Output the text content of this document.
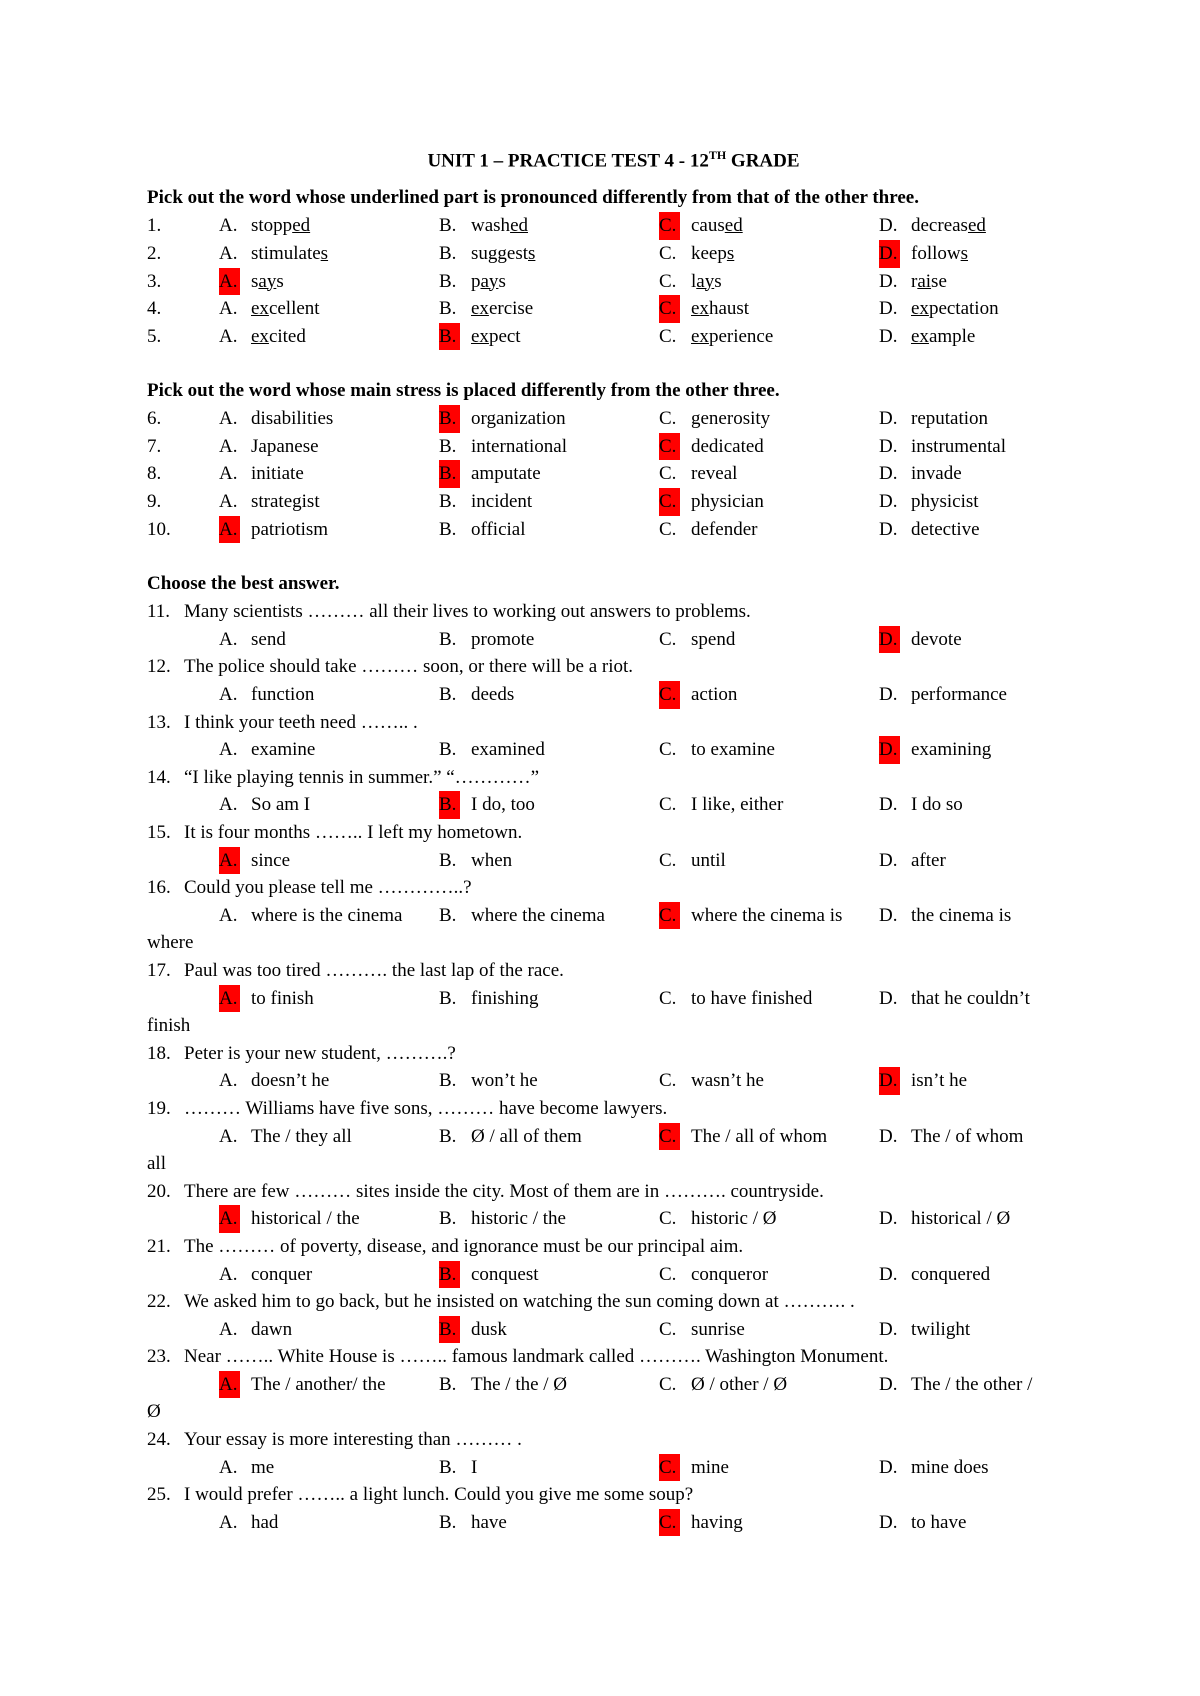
UNIT 1 – PRACTICE TEST 4 - 12TH GRADE
Pick out the word whose underlined part is pronounced differently from that of the other three.
1.	A. stopped	B. washed	C. caused	D. decreased
2.	A. stimulates	B. suggests	C. keeps	D. follows
3.	A. says	B. pays	C. lays	D. raise
4.	A. excellent	B. exercise	C. exhaust	D. expectation
5.	A. excited	B. expect	C. experience	D. example
Pick out the word whose main stress is placed differently from the other three.
6.	A. disabilities	B. organization	C. generosity	D. reputation
7.	A. Japanese	B. international	C. dedicated	D. instrumental
8.	A. initiate	B. amputate	C. reveal	D. invade
9.	A. strategist	B. incident	C. physician	D. physicist
10.	A. patriotism	B. official	C. defender	D. detective
Choose the best answer.
11. Many scientists ……… all their lives to working out answers to problems.
A. send	B. promote	C. spend	D. devote
12. The police should take ……… soon, or there will be a riot.
A. function	B. deeds	C. action	D. performance
13. I think your teeth need …….. .
A. examine	B. examined	C. to examine	D. examining
14. “I like playing tennis in summer.” “…………”
A. So am I	B. I do, too	C. I like, either	D. I do so
15. It is four months …….. I left my hometown.
A. since	B. when	C. until	D. after
16. Could you please tell me …………..?
A. where is the cinema B. where the cinema	C. where the cinema is D. the cinema is
where
17. Paul was too tired ………. the last lap of the race.
A. to finish	B. finishing	C. to have finished	D. that he couldn’t
finish
18. Peter is your new student, ……….?
A. doesn’t he	B. won’t he	C. wasn’t he	D. isn’t he
19. ……… Williams have five sons, ……… have become lawyers.
A. The / they all	B. Ø / all of them	C. The / all of whom	D. The / of whom
all
20. There are few ……… sites inside the city. Most of them are in ………. countryside.
A. historical / the	B. historic / the	C. historic / Ø	D. historical / Ø
21. The ……… of poverty, disease, and ignorance must be our principal aim.
A. conquer	B. conquest	C. conqueror	D. conquered
22. We asked him to go back, but he insisted on watching the sun coming down at ………. .
A. dawn	B. dusk	C. sunrise	D. twilight
23. Near …….. White House is …….. famous landmark called ………. Washington Monument.
A. The / another/ the	B. The / the / Ø	C. Ø / other / Ø	D. The / the other /
Ø
24. Your essay is more interesting than ……… .
A. me	B. I	C. mine	D. mine does
25. I would prefer …….. a light lunch. Could you give me some soup?
A. had	B. have	C. having	D. to have
